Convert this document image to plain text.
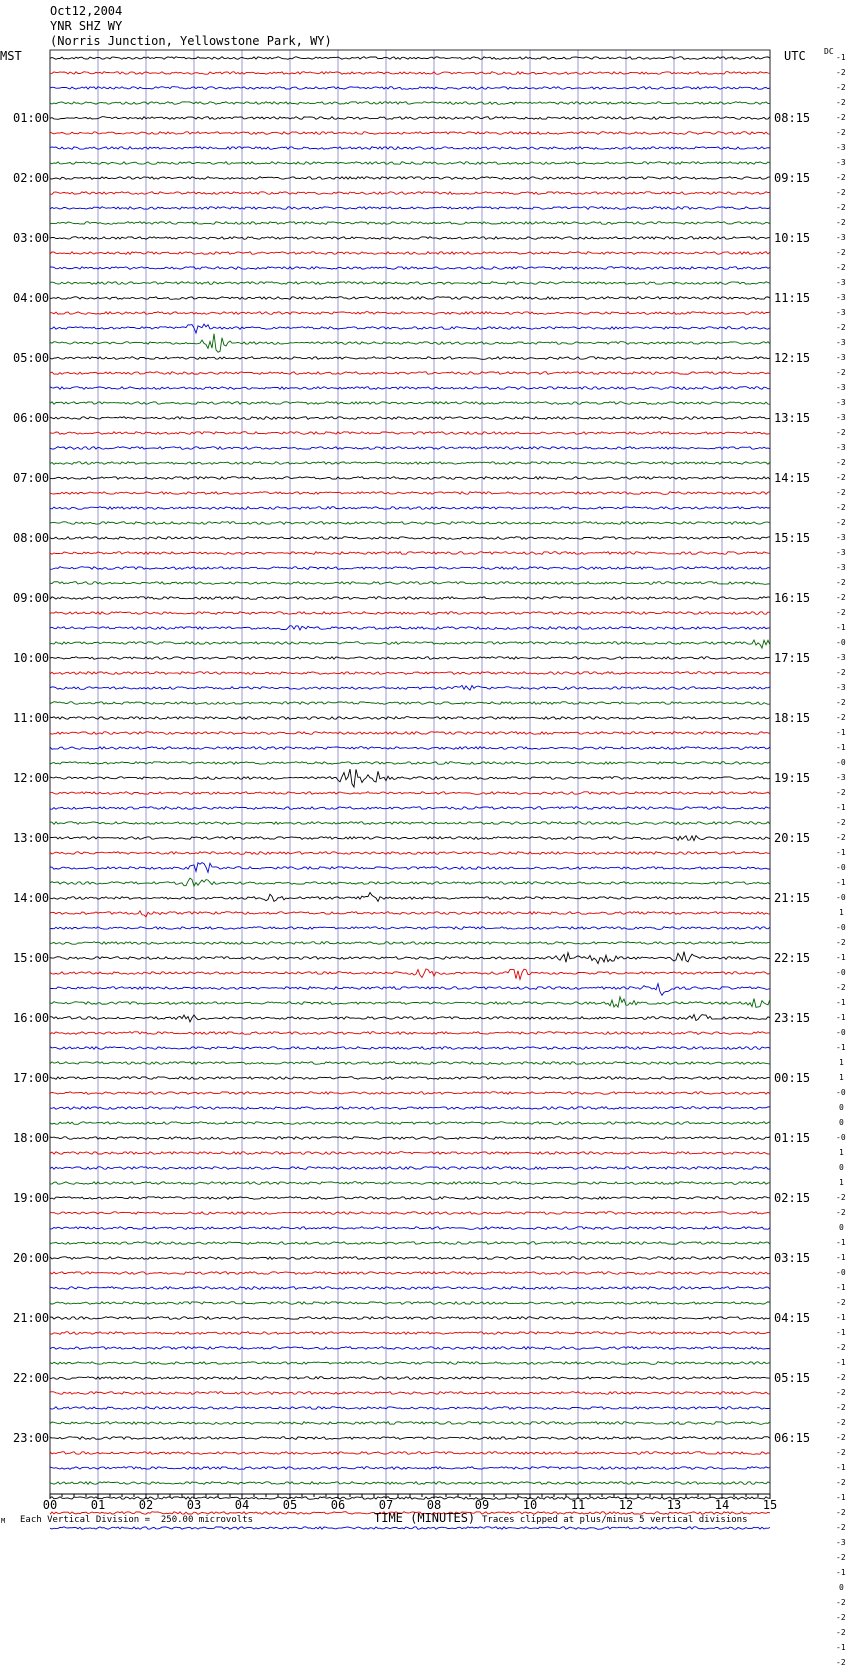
00	01	02	03	04	05	06	07	08	09	10	11	12	13	14	15
Oct12,2004
YNR SHZ WY
(Norris Junction, Yellowstone Park, WY)
MST	UTC DC
01:00
02:00
03:00
04:00
05:00
06:00
07:00
08:00
09:00
10:00
11:00
12:00
13:00
14:00
15:00
16:00
17:00
18:00
19:00
20:00
21:00
22:00
23:00
08:15
09:15
10:15
11:15
12:15
13:15
14:15
15:15
16:15
17:15
18:15
19:15
20:15
21:15
22:15
23:15
00:15
01:15
02:15
03:15
04:15
05:15
06:15
-1
-2
-2
-2
-2
-2
-3
-3
-2
-2
-2
-2
-3
-2
-2
-3
-3
-3
-2
-3
-3
-2
-3
-3
-3
-2
-3
-2
-2
-2
-2
-2
-3
-3
-3
-2
-2
-2
-1
-0
-3
-2
-3
-2
-2
-1
-1
-0
-3
-2
-1
-2
-2
-1
-0
-1
-0
1
-0
-2
-1
-0
-2
-1
-1
-0
-1
1
1
-0
0
0
-0
1
0
1
-2
-2
0
-1
-1
-0
-1
-2
-1
-1
-2
-1
-2
-2
-2
-2
-2
-2
-1
-2
-1
-2
-2
-3
-2
-1
0
-2
-2
-2
-1
-2
M Each Vertical Division =  250.00 microvolts	TIME (MINUTES) Traces clipped at plus/minus 5 vertical divisions
